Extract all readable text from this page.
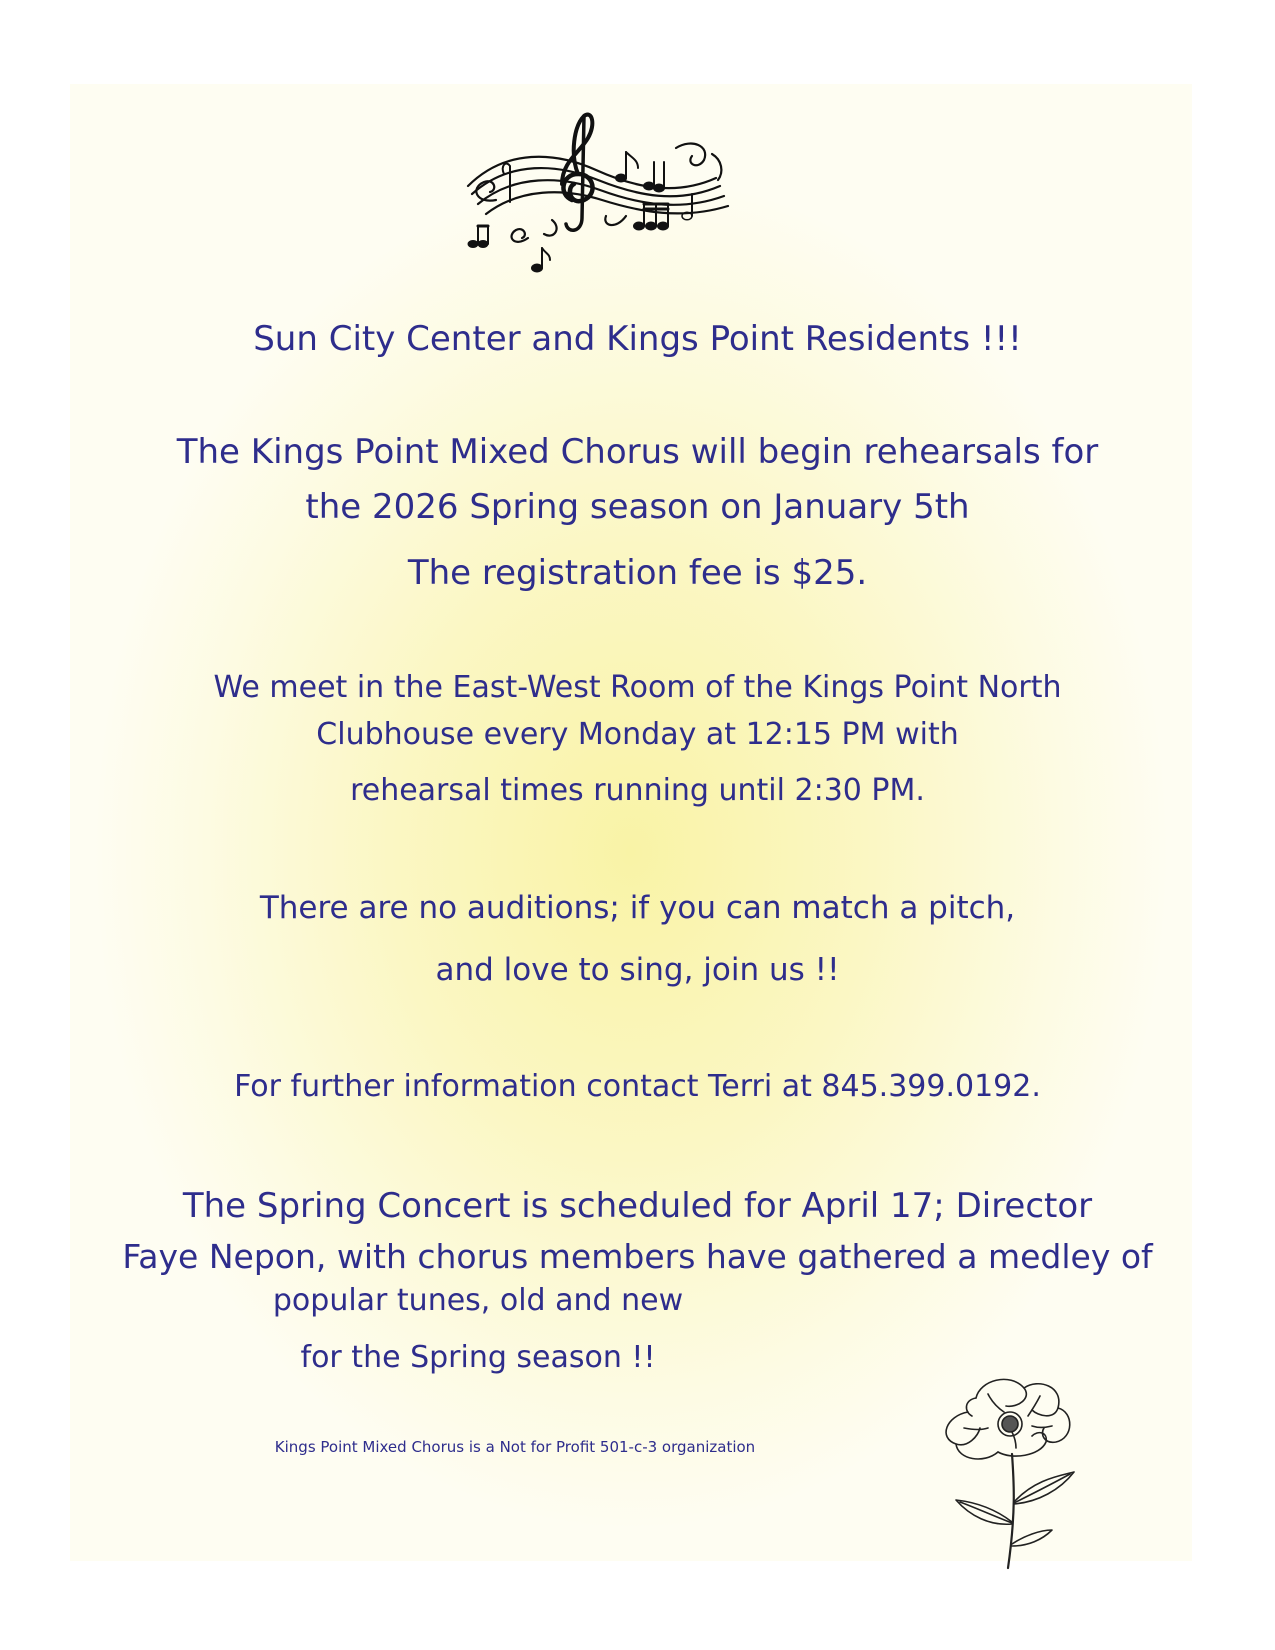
Sun City Center and Kings Point Residents !!!
The Kings Point Mixed Chorus will begin rehearsals for
the 2026 Spring season on January 5th
The registration fee is $25.
We meet in the East-West Room of the Kings Point North
Clubhouse every Monday at 12:15 PM with
rehearsal times running until 2:30 PM.
There are no auditions; if you can match a pitch,
and love to sing, join us !!
For further information contact Terri at 845.399.0192.
The Spring Concert is scheduled for April 17; Director
Faye Nepon, with chorus members have gathered a medley of
popular tunes, old and new
for the Spring season !!
Kings Point Mixed Chorus is a Not for Profit 501-c-3 organization
